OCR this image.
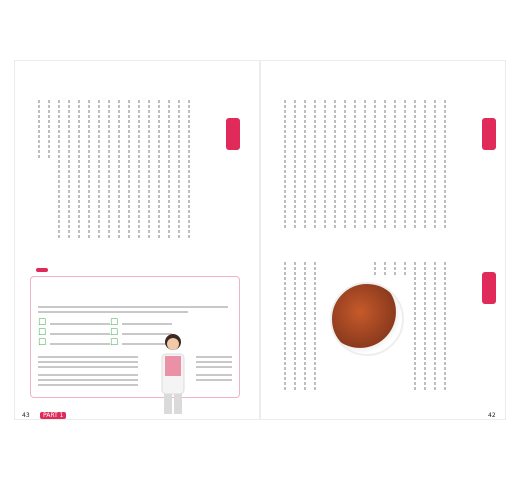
☐	☐
☐	☐
☐	☐
43	PART 1	42
